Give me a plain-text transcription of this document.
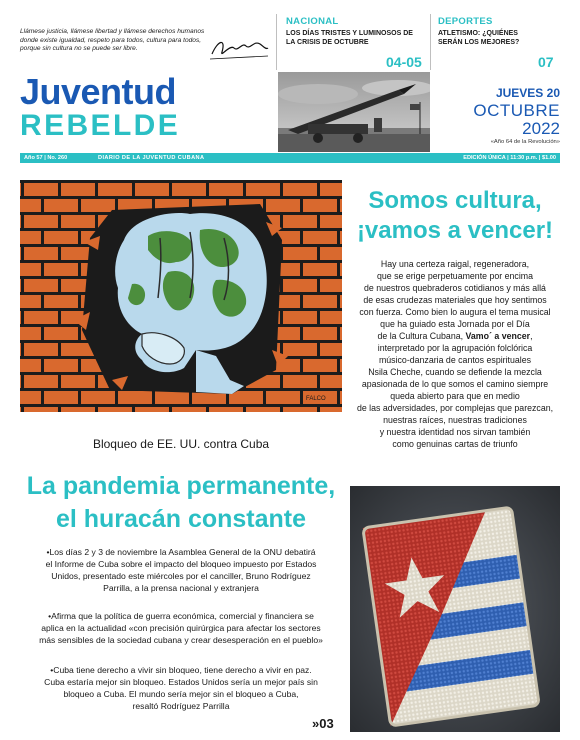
Llámese justicia, llámese libertad y llámese derechos humanos donde existe igualdad, respeto para todos, cultura para todos, porque sin cultura no se puede ser libre.
NACIONAL
LOS DÍAS TRISTES Y LUMINOSOS DE LA CRISIS DE OCTUBRE
04-05
DEPORTES
ATLETISMO: ¿QUIÉNES SERÁN LOS MEJORES?
07
Juventud
REBELDE
JUEVES 20
OCTUBRE
2022
«Año 64 de la Revolución»
Año 57 | No. 260	DIARIO DE LA JUVENTUD CUBANA	EDICIÓN ÚNICA | 11:30 p.m. | $1.00
FALCO
Bloqueo de EE. UU. contra Cuba
Somos cultura,
¡vamos a vencer!
Hay una certeza raigal, regeneradora,
que se erige perpetuamente por encima
de nuestros quebraderos cotidianos y más allá
de esas crudezas materiales que hoy sentimos
con fuerza. Como bien lo augura el tema musical
que ha guiado esta Jornada por el Día
de la Cultura Cubana, Vamo´ a vencer,
interpretado por la agrupación folclórica
músico-danzaria de cantos espirituales
Nsila Cheche, cuando se defiende la mezcla
apasionada de lo que somos el camino siempre
queda abierto para que en medio
de las adversidades, por complejas que parezcan,
nuestras raíces, nuestras tradiciones
y nuestra identidad nos sirvan también
como genuinas cartas de triunfo
La pandemia permanente,
el huracán constante
•Los días 2 y 3 de noviembre la Asamblea General de la ONU debatirá
el Informe de Cuba sobre el impacto del bloqueo impuesto por Estados
Unidos, presentado este miércoles por el canciller, Bruno Rodríguez
Parrilla, a la prensa nacional y extranjera
•Afirma que la política de guerra económica, comercial y financiera se
aplica en la actualidad «con precisión quirúrgica para afectar los sectores
más sensibles de la sociedad cubana y crear desesperación en el pueblo»
•Cuba tiene derecho a vivir sin bloqueo, tiene derecho a vivir en paz.
Cuba estaría mejor sin bloqueo. Estados Unidos sería un mejor país sin
bloqueo a Cuba. El mundo sería mejor sin el bloqueo a Cuba,
resaltó Rodríguez Parrilla
»03
